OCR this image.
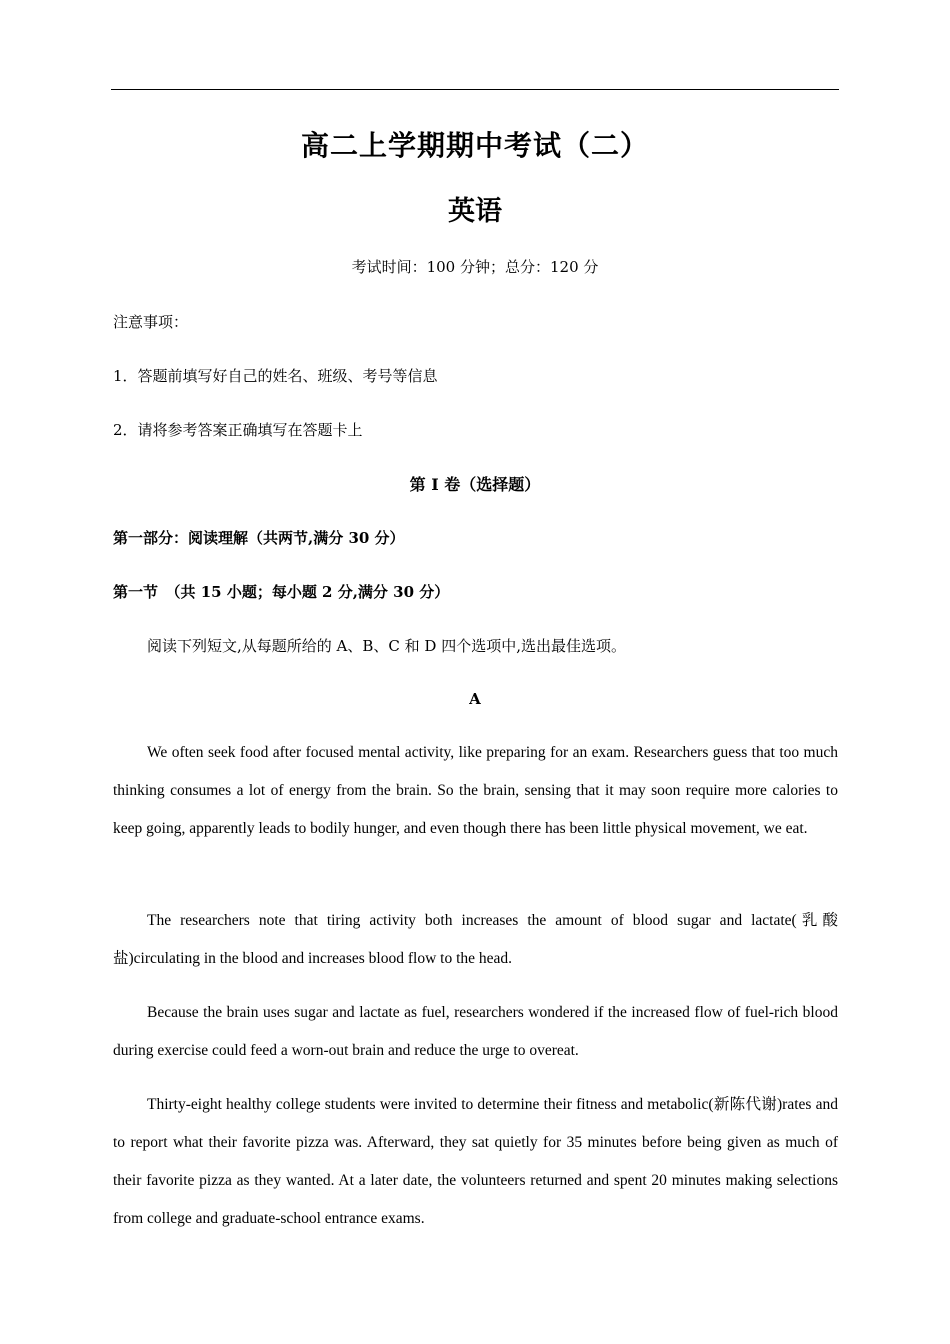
高二上学期期中考试（二）
英语
考试时间：100 分钟；总分：120 分
注意事项：
1．答题前填写好自己的姓名、班级、考号等信息
2．请将参考答案正确填写在答题卡上
第 I 卷（选择题）
第一部分：阅读理解（共两节,满分 30 分）
第一节　（共 15 小题；每小题 2 分,满分 30 分）
阅读下列短文,从每题所给的 A、B、C 和 D 四个选项中,选出最佳选项。
A
We often seek food after focused mental activity, like preparing for an exam. Researchers guess that too much thinking consumes a lot of energy from the brain. So the brain, sensing that it may soon require more calories to keep going, apparently leads to bodily hunger, and even though there has been little physical movement, we eat.
The researchers note that tiring activity both increases the amount of blood sugar and lactate(乳酸盐)circulating in the blood and increases blood flow to the head.
Because the brain uses sugar and lactate as fuel, researchers wondered if the increased flow of fuel-rich blood during exercise could feed a worn-out brain and reduce the urge to overeat.
Thirty-eight healthy college students were invited to determine their fitness and metabolic(新陈代谢)rates and to report what their favorite pizza was. Afterward, they sat quietly for 35 minutes before being given as much of their favorite pizza as they wanted. At a later date, the volunteers returned and spent 20 minutes making selections from college and graduate-school entrance exams.
